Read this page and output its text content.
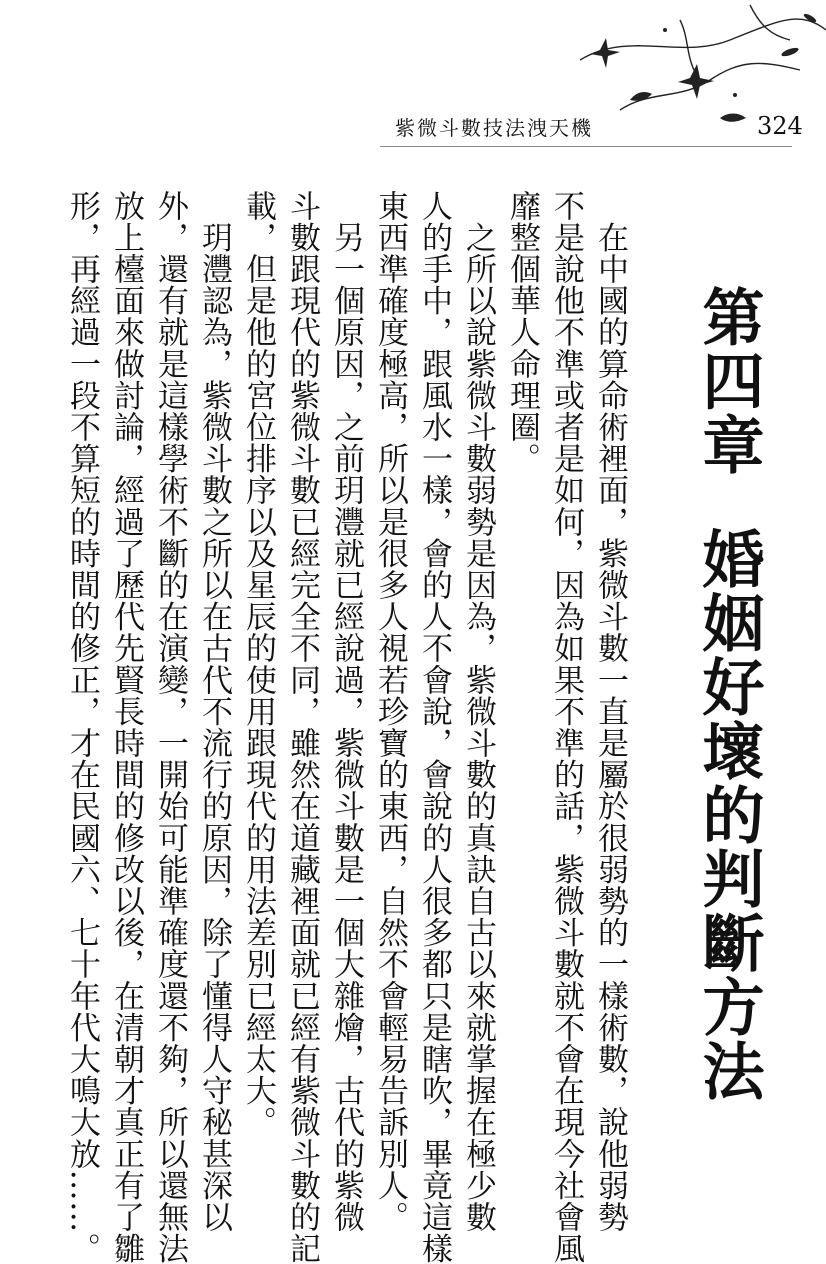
紫微斗數技法洩天機	324
第四章婚姻好壞的判斷方法
　在中國的算命術裡面，紫微斗數一直是屬於很弱勢的一樣術數，說他弱勢
不是說他不準或者是如何，因為如果不準的話，紫微斗數就不會在現今社會風
靡整個華人命理圈。
　之所以說紫微斗數弱勢是因為，紫微斗數的真訣自古以來就掌握在極少數
人的手中，跟風水一樣，會的人不會說，會說的人很多都只是瞎吹，畢竟這樣
東西準確度極高，所以是很多人視若珍寶的東西，自然不會輕易告訴別人。
　另一個原因，之前玥灃就已經說過，紫微斗數是一個大雜燴，古代的紫微
斗數跟現代的紫微斗數已經完全不同，雖然在道藏裡面就已經有紫微斗數的記
載，但是他的宮位排序以及星辰的使用跟現代的用法差別已經太大。
　玥灃認為，紫微斗數之所以在古代不流行的原因，除了懂得人守秘甚深以
外，還有就是這樣學術不斷的在演變，一開始可能準確度還不夠，所以還無法
放上檯面來做討論，經過了歷代先賢長時間的修改以後，在清朝才真正有了雛
形，再經過一段不算短的時間的修正，才在民國六、七十年代大鳴大放……。
